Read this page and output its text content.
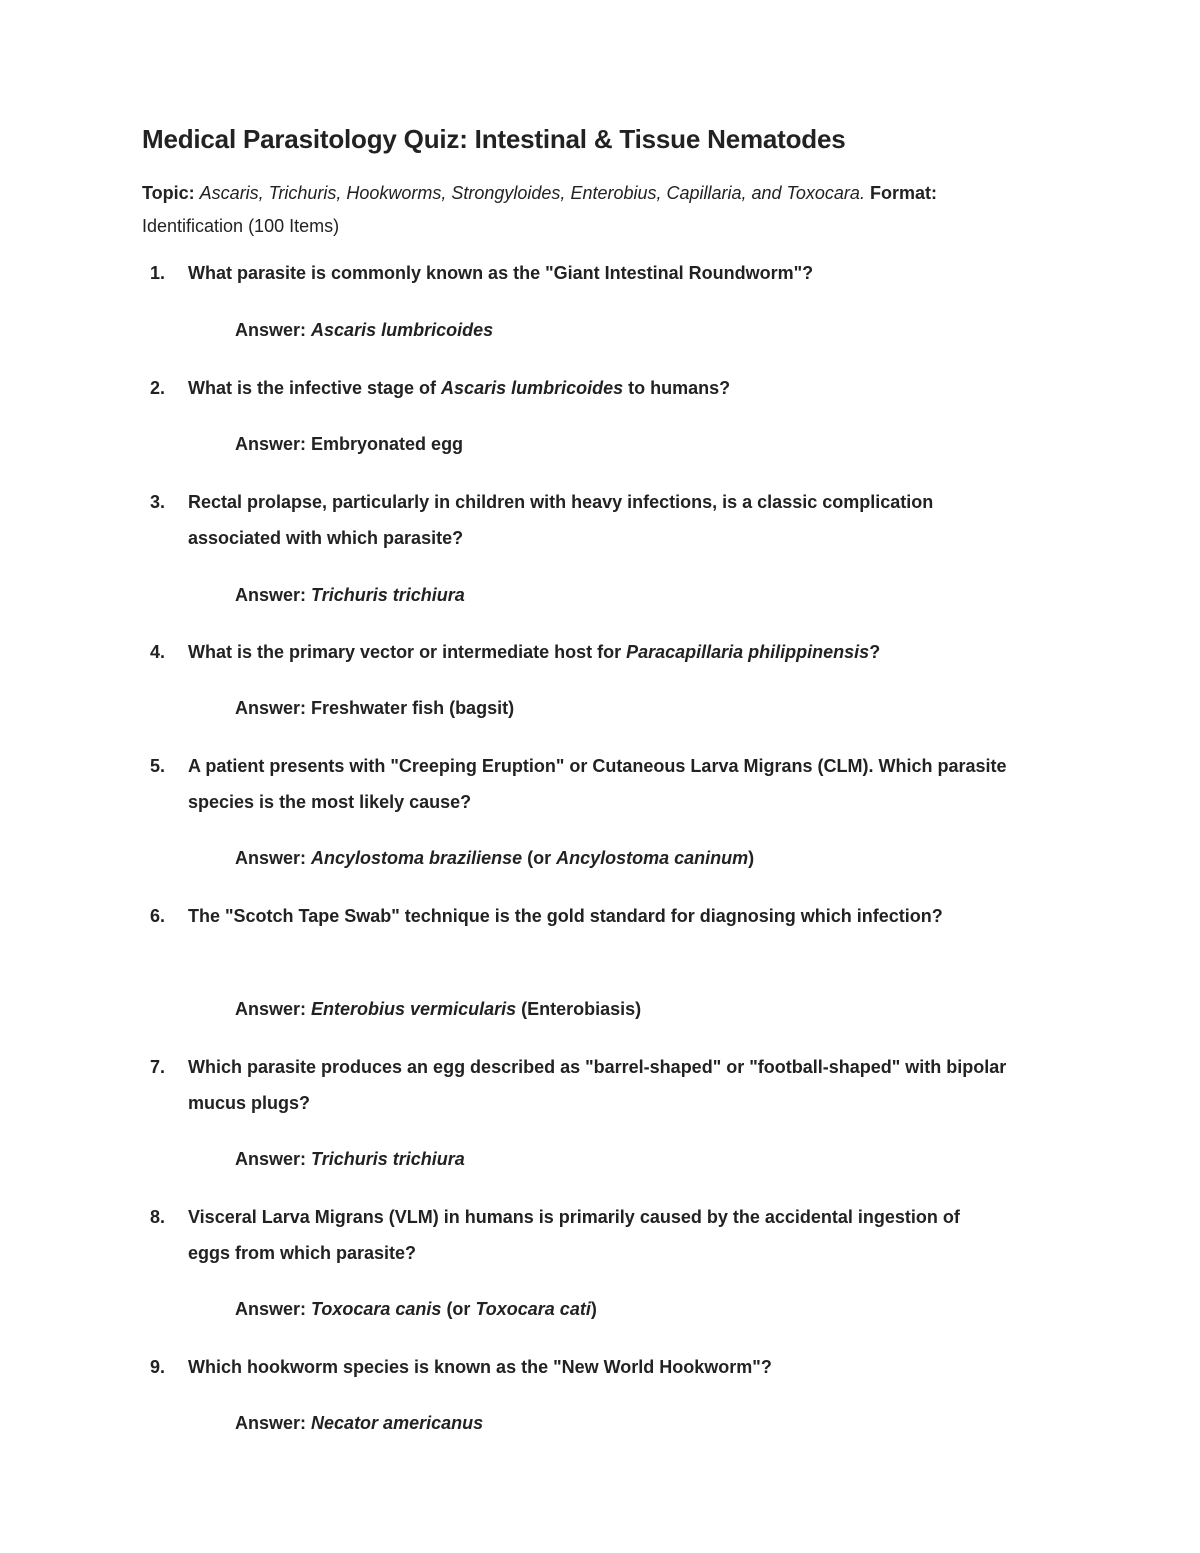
Medical Parasitology Quiz: Intestinal & Tissue Nematodes
Topic: Ascaris, Trichuris, Hookworms, Strongyloides, Enterobius, Capillaria, and Toxocara. Format:
Identification (100 Items)
1.	What parasite is commonly known as the "Giant Intestinal Roundworm"?
Answer: Ascaris lumbricoides
2.	What is the infective stage of Ascaris lumbricoides to humans?
Answer: Embryonated egg
3.	Rectal prolapse, particularly in children with heavy infections, is a classic complication associated with which parasite?
Answer: Trichuris trichiura
4.	What is the primary vector or intermediate host for Paracapillaria philippinensis?
Answer: Freshwater fish (bagsit)
5.	A patient presents with "Creeping Eruption" or Cutaneous Larva Migrans (CLM). Which parasite species is the most likely cause?
Answer: Ancylostoma braziliense (or Ancylostoma caninum)
6.	The "Scotch Tape Swab" technique is the gold standard for diagnosing which infection?
Answer: Enterobius vermicularis (Enterobiasis)
7.	Which parasite produces an egg described as "barrel-shaped" or "football-shaped" with bipolar mucus plugs?
Answer: Trichuris trichiura
8.	Visceral Larva Migrans (VLM) in humans is primarily caused by the accidental ingestion of eggs from which parasite?
Answer: Toxocara canis (or Toxocara cati)
9.	Which hookworm species is known as the "New World Hookworm"?
Answer: Necator americanus
